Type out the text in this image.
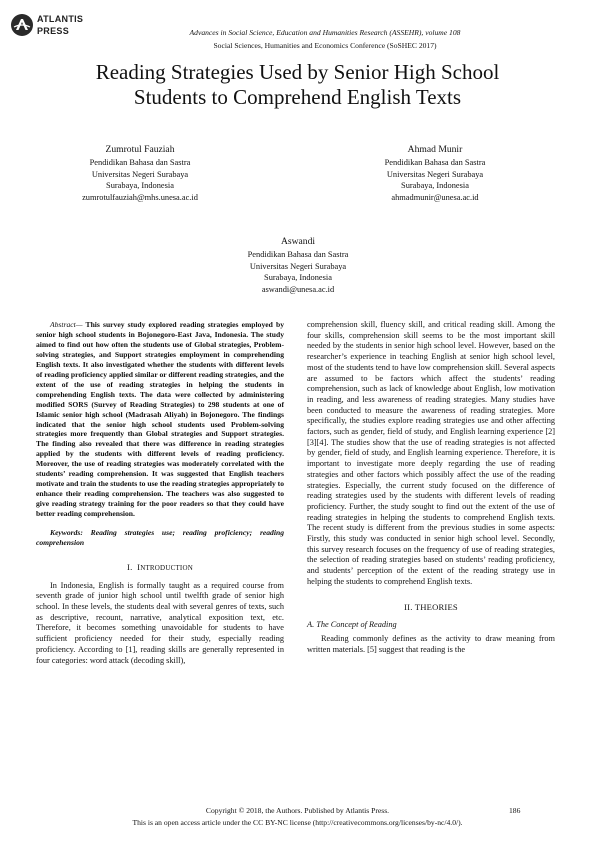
ATLANTIS
PRESS	Advances in Social Science, Education and Humanities Research (ASSEHR), volume 108
Social Sciences, Humanities and Economics Conference (SoSHEC 2017)
Reading Strategies Used by Senior High School
Students to Comprehend English Texts
Zumrotul Fauziah
Pendidikan Bahasa dan Sastra
Universitas Negeri Surabaya
Surabaya, Indonesia
zumrotulfauziah@mhs.unesa.ac.id
Ahmad Munir
Pendidikan Bahasa dan Sastra
Universitas Negeri Surabaya
Surabaya, Indonesia
ahmadmunir@unesa.ac.id
Aswandi
Pendidikan Bahasa dan Sastra
Universitas Negeri Surabaya
Surabaya, Indonesia
aswandi@unesa.ac.id

Abstract— This survey study explored reading strategies employed by senior high school students in Bojonegoro-East Java, Indonesia. The study aimed to find out how often the students use of Global strategies, Problem-solving strategies, and Support strategies employment in comprehending English texts. It also investigated whether the students with different levels of reading proficiency applied similar or different reading strategies, and the extent of the use of reading strategies in helping the students in comprehending English texts. The data were collected by administering modified SORS (Survey of Reading Strategies) to 298 students at one of Islamic senior high school (Madrasah Aliyah) in Bojonegoro. The findings indicated that the senior high school students used Problem-solving strategies more frequently than Global strategies and Support strategies. The finding also revealed that there was difference in reading strategies applied by the students with different levels of reading proficiency. Moreover, the use of reading strategies was moderately correlated with the students’ reading comprehension. It was suggested that English teachers motivate and train the students to use the reading strategies appropriately to enhance their reading comprehension. The teachers was also suggested to give reading strategy training for the poor readers so that they could have better reading comprehension.

Keywords: Reading strategies use; reading proficiency; reading comprehension

I. INTRODUCTION

In Indonesia, English is formally taught as a required course from seventh grade of junior high school until twelfth grade of senior high school. In these levels, the students deal with several genres of texts, such as descriptive, recount, narrative, analytical exposition text, etc. Therefore, it becomes something unavoidable for students to have sufficient proficiency needed for their study, especially reading proficiency. According to [1], reading skills are generally represented in four categories: word attack (decoding skill),

comprehension skill, fluency skill, and critical reading skill. Among the four skills, comprehension skill seems to be the most important skill needed by the students in senior high school level. However, based on the researcher’s experience in teaching English at senior high school level, most of the students tend to have low comprehension skill. Several aspects are assumed to be factors which affect the students’ reading comprehension, such as lack of knowledge about English, low motivation in reading, and less awareness of reading strategies. Many studies have been conducted to measure the awareness of reading strategies. More specifically, the studies explore reading strategies use and other affecting factors, such as gender, field of study, and English learning experience [2][3][4]. The studies show that the use of reading strategies is not affected by gender, field of study, and English learning experience. Therefore, it is important to investigate more deeply regarding the use of reading strategies and other factors which possibly affect the use of the reading strategies. Especially, the current study focused on the difference of reading strategies used by the students with different levels of reading proficiency. Further, the study sought to find out the extent of the use of reading strategies in helping the students to comprehend English texts. The recent study is different from the previous studies in some aspects: Firstly, this study was conducted in senior high school level. Secondly, this survey research focuses on the frequency of use of reading strategies, the selection of reading strategies based on students’ reading proficiency, and students’ perception of the extent of the reading strategy use in helping the students to comprehend English texts.

II. THEORIES

A. The Concept of Reading

Reading commonly defines as the activity to draw meaning from written materials. [5] suggest that reading is the

Copyright © 2018, the Authors. Published by Atlantis Press.	186
This is an open access article under the CC BY-NC license (http://creativecommons.org/licenses/by-nc/4.0/).
